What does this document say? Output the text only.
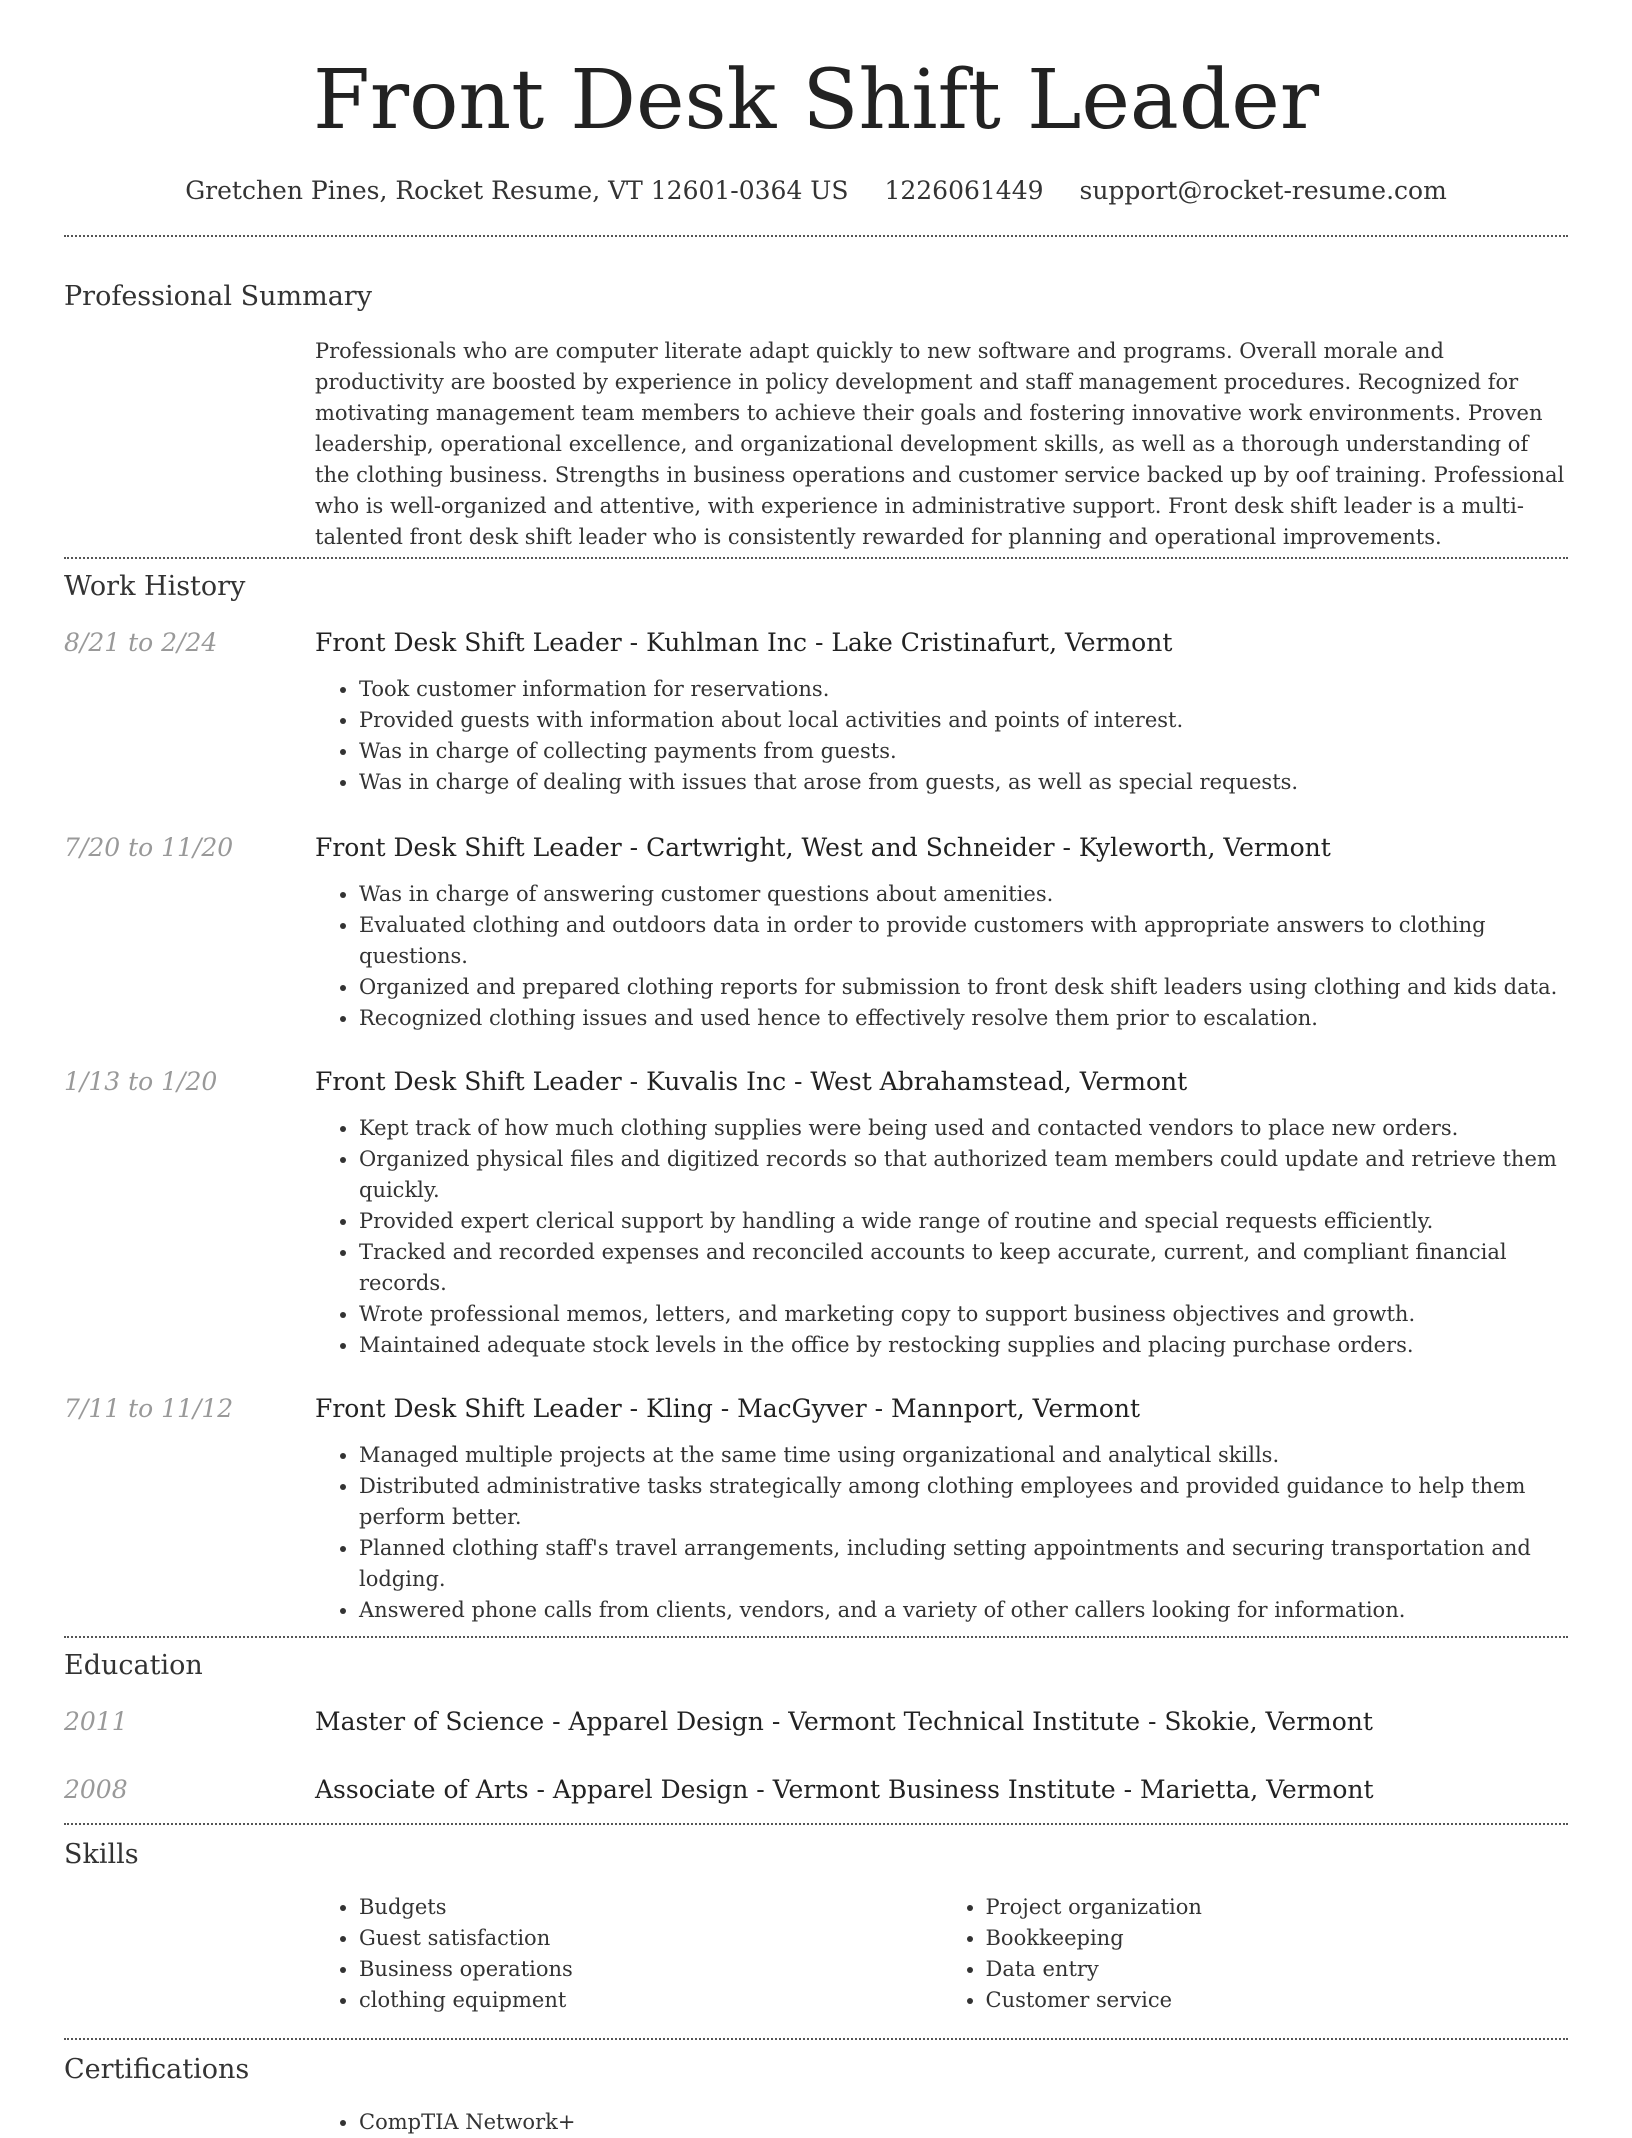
Front Desk Shift Leader
Gretchen Pines, Rocket Resume, VT 12601-0364 US 1226061449 support@rocket-resume.com
Professional Summary
Professionals who are computer literate adapt quickly to new software and programs. Overall morale and productivity are boosted by experience in policy development and staff management procedures. Recognized for motivating management team members to achieve their goals and fostering innovative work environments. Proven leadership, operational excellence, and organizational development skills, as well as a thorough understanding of the clothing business. Strengths in business operations and customer service backed up by oof training. Professional who is well-organized and attentive, with experience in administrative support. Front desk shift leader is a multi-talented front desk shift leader who is consistently rewarded for planning and operational improvements.
Work History
8/21 to 2/24	Front Desk Shift Leader - Kuhlman Inc - Lake Cristinafurt, Vermont
• Took customer information for reservations.
• Provided guests with information about local activities and points of interest.
• Was in charge of collecting payments from guests.
• Was in charge of dealing with issues that arose from guests, as well as special requests.
7/20 to 11/20	Front Desk Shift Leader - Cartwright, West and Schneider - Kyleworth, Vermont
• Was in charge of answering customer questions about amenities.
• Evaluated clothing and outdoors data in order to provide customers with appropriate answers to clothing questions.
• Organized and prepared clothing reports for submission to front desk shift leaders using clothing and kids data.
• Recognized clothing issues and used hence to effectively resolve them prior to escalation.
1/13 to 1/20	Front Desk Shift Leader - Kuvalis Inc - West Abrahamstead, Vermont
• Kept track of how much clothing supplies were being used and contacted vendors to place new orders.
• Organized physical files and digitized records so that authorized team members could update and retrieve them quickly.
• Provided expert clerical support by handling a wide range of routine and special requests efficiently.
• Tracked and recorded expenses and reconciled accounts to keep accurate, current, and compliant financial records.
• Wrote professional memos, letters, and marketing copy to support business objectives and growth.
• Maintained adequate stock levels in the office by restocking supplies and placing purchase orders.
7/11 to 11/12	Front Desk Shift Leader - Kling - MacGyver - Mannport, Vermont
• Managed multiple projects at the same time using organizational and analytical skills.
• Distributed administrative tasks strategically among clothing employees and provided guidance to help them perform better.
• Planned clothing staff's travel arrangements, including setting appointments and securing transportation and lodging.
• Answered phone calls from clients, vendors, and a variety of other callers looking for information.
Education
2011	Master of Science - Apparel Design - Vermont Technical Institute - Skokie, Vermont
2008	Associate of Arts - Apparel Design - Vermont Business Institute - Marietta, Vermont
Skills
• Budgets
• Guest satisfaction
• Business operations
• clothing equipment
• Project organization
• Bookkeeping
• Data entry
• Customer service
Certifications
• CompTIA Network+
